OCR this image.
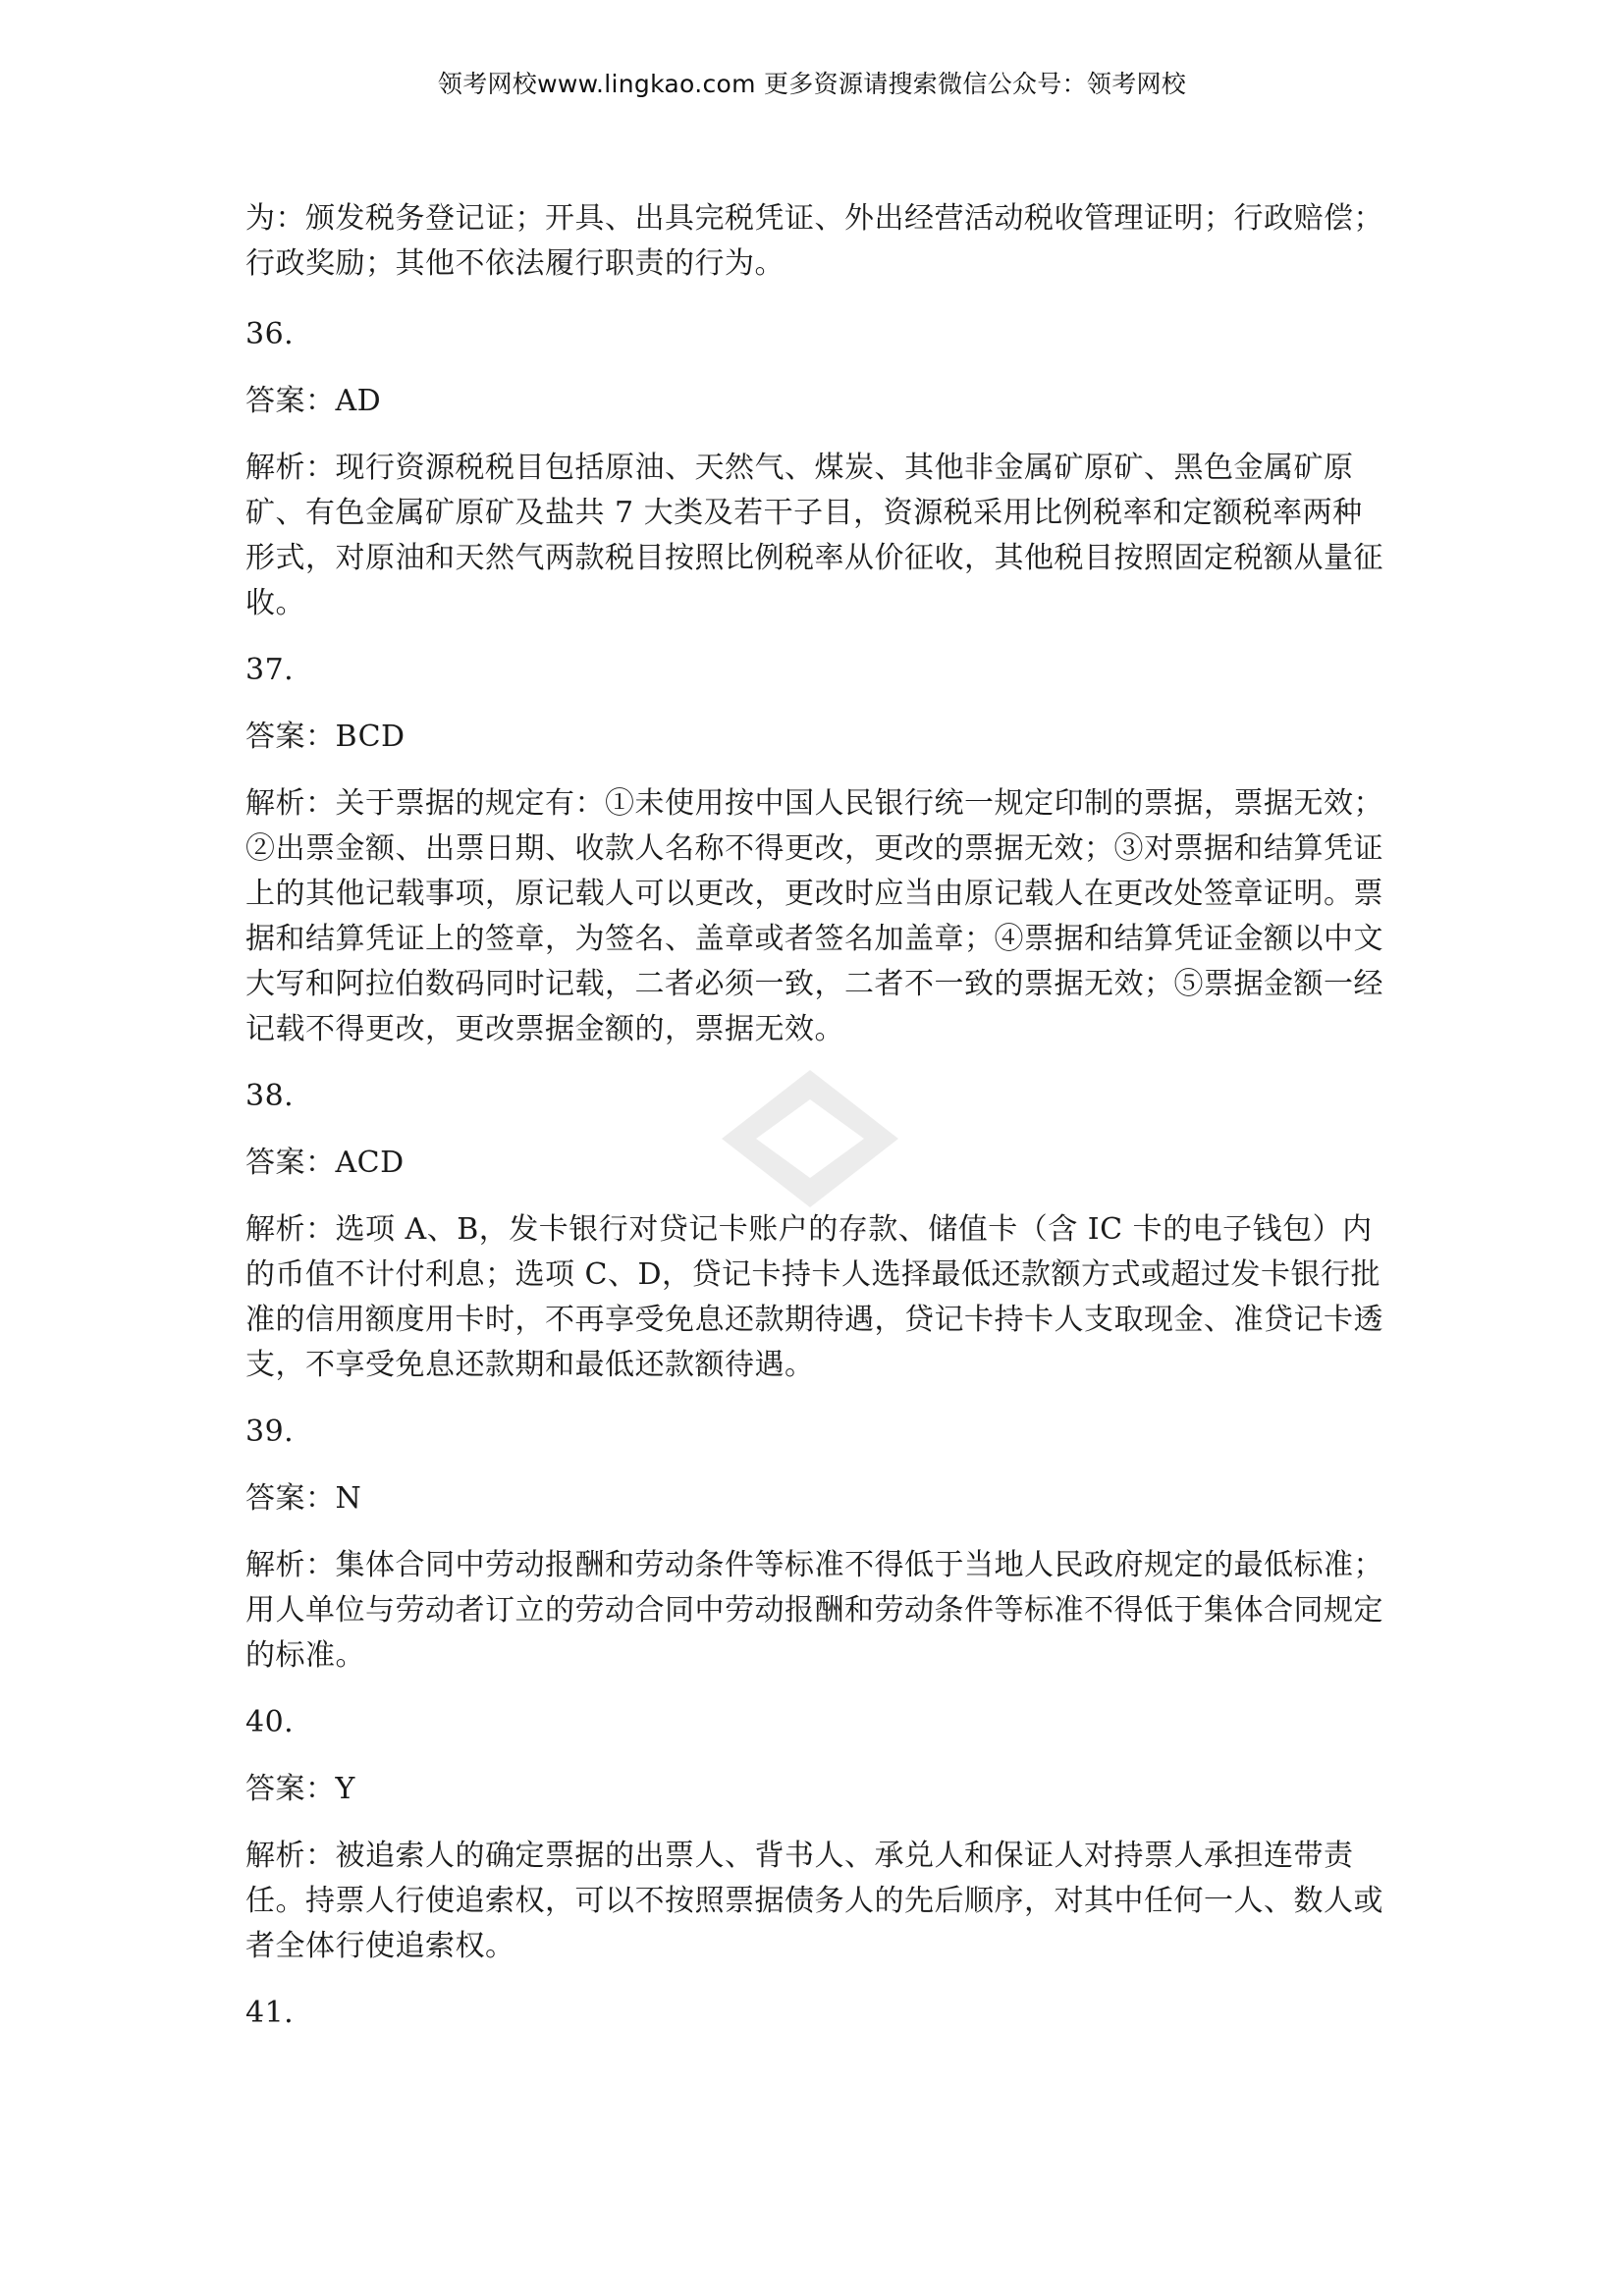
领考网校www.lingkao.com 更多资源请搜索微信公众号：领考网校

为：颁发税务登记证；开具、出具完税凭证、外出经营活动税收管理证明；行政赔偿；行政奖励；其他不依法履行职责的行为。

36.

答案：AD

解析：现行资源税税目包括原油、天然气、煤炭、其他非金属矿原矿、黑色金属矿原矿、有色金属矿原矿及盐共 7 大类及若干子目，资源税采用比例税率和定额税率两种形式，对原油和天然气两款税目按照比例税率从价征收，其他税目按照固定税额从量征收。

37.

答案：BCD

解析：关于票据的规定有：①未使用按中国人民银行统一规定印制的票据，票据无效；②出票金额、出票日期、收款人名称不得更改，更改的票据无效；③对票据和结算凭证上的其他记载事项，原记载人可以更改，更改时应当由原记载人在更改处签章证明。票据和结算凭证上的签章，为签名、盖章或者签名加盖章；④票据和结算凭证金额以中文大写和阿拉伯数码同时记载，二者必须一致，二者不一致的票据无效；⑤票据金额一经记载不得更改，更改票据金额的，票据无效。

38.

答案：ACD

解析：选项 A、B，发卡银行对贷记卡账户的存款、储值卡（含 IC 卡的电子钱包）内的币值不计付利息；选项 C、D，贷记卡持卡人选择最低还款额方式或超过发卡银行批准的信用额度用卡时，不再享受免息还款期待遇，贷记卡持卡人支取现金、准贷记卡透支，不享受免息还款期和最低还款额待遇。

39.

答案：N

解析：集体合同中劳动报酬和劳动条件等标准不得低于当地人民政府规定的最低标准；用人单位与劳动者订立的劳动合同中劳动报酬和劳动条件等标准不得低于集体合同规定的标准。

40.

答案：Y

解析：被追索人的确定票据的出票人、背书人、承兑人和保证人对持票人承担连带责任。持票人行使追索权，可以不按照票据债务人的先后顺序，对其中任何一人、数人或者全体行使追索权。

41.
